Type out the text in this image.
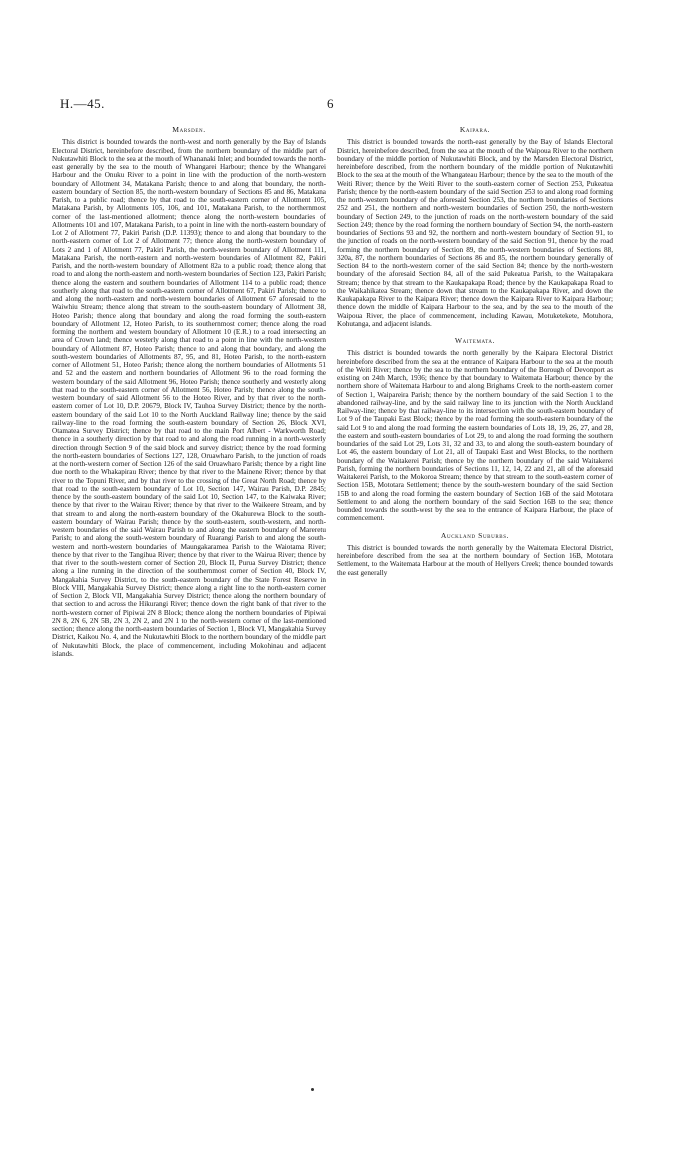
H.—45.	6
Marsden.

This district is bounded towards the north-west and north generally by the Bay of Islands Electoral District, hereinbefore described, from the northern boundary of the middle part of Nukutawhiti Block to the sea at the mouth of Whananaki Inlet; and bounded towards the north-east generally by the sea to the mouth of Whangarei Harbour; thence by the Whangarei Harbour and the Onuku River to a point in line with the production of the north-western boundary of Allotment 34, Matakana Parish; thence to and along that boundary, the north-eastern boundary of Section 85, the north-western boundary of Sections 85 and 86, Matakana Parish, to a public road; thence by that road to the south-eastern corner of Allotment 105, Matakana Parish, by Allotments 105, 106, and 101, Matakana Parish, to the northernmost corner of the last-mentioned allotment; thence along the north-western boundaries of Allotments 101 and 107, Matakana Parish, to a point in line with the north-eastern boundary of Lot 2 of Allotment 77, Pakiri Parish (D.P. 11393); thence to and along that boundary to the north-eastern corner of Lot 2 of Allotment 77; thence along the north-western boundary of Lots 2 and 1 of Allotment 77, Pakiri Parish, the north-western boundary of Allotment 111, Matakana Parish, the north-eastern and north-western boundaries of Allotment 82, Pakiri Parish, and the north-western boundary of Allotment 82a to a public road; thence along that road to and along the north-eastern and north-western boundaries of Section 123, Pakiri Parish; thence along the eastern and southern boundaries of Allotment 114 to a public road; thence southerly along that road to the south-eastern corner of Allotment 67, Pakiri Parish; thence to and along the north-eastern and north-western boundaries of Allotment 67 aforesaid to the Waiwhiu Stream; thence along that stream to the south-eastern boundary of Allotment 38, Hoteo Parish; thence along that boundary and along the road forming the south-eastern boundary of Allotment 12, Hoteo Parish, to its southernmost corner; thence along the road forming the northern and western boundary of Allotment 10 (E.R.) to a road intersecting an area of Crown land; thence westerly along that road to a point in line with the north-western boundary of Allotment 87, Hoteo Parish; thence to and along that boundary, and along the south-western boundaries of Allotments 87, 95, and 81, Hoteo Parish, to the north-eastern corner of Allotment 51, Hoteo Parish; thence along the northern boundaries of Allotments 51 and 52 and the eastern and northern boundaries of Allotment 96 to the road forming the western boundary of the said Allotment 96, Hoteo Parish; thence southerly and westerly along that road to the south-eastern corner of Allotment 56, Hoteo Parish; thence along the south-western boundary of said Allotment 56 to the Hoteo River, and by that river to the north-eastern corner of Lot 10, D.P. 20679, Block IV, Tauhoa Survey District; thence by the north-eastern boundary of the said Lot 10 to the North Auckland Railway line; thence by the said railway-line to the road forming the south-eastern boundary of Section 26, Block XVI, Otamatea Survey District; thence by that road to the main Port Albert - Warkworth Road; thence in a southerly direction by that road to and along the road running in a north-westerly direction through Section 9 of the said block and survey district; thence by the road forming the north-eastern boundaries of Sections 127, 128, Oruawharo Parish, to the junction of roads at the north-western corner of Section 126 of the said Oruawharo Parish; thence by a right line due north to the Whakapirau River; thence by that river to the Mainene River; thence by that river to the Topuni River, and by that river to the crossing of the Great North Road; thence by that road to the south-eastern boundary of Lot 10, Section 147, Wairau Parish, D.P. 2845; thence by the south-eastern boundary of the said Lot 10, Section 147, to the Kaiwaka River; thence by that river to the Wairau River; thence by that river to the Waikeere Stream, and by that stream to and along the north-eastern boundary of the Okahurewa Block to the south-eastern boundary of Wairau Parish; thence by the south-eastern, south-western, and north-western boundaries of the said Wairau Parish to and along the eastern boundary of Mareretu Parish; to and along the south-western boundary of Ruarangi Parish to and along the south-western and north-western boundaries of Maungakaramea Parish to the Waiotama River; thence by that river to the Tangihua River; thence by that river to the Wairua River; thence by that river to the south-western corner of Section 20, Block II, Purua Survey District; thence along a line running in the direction of the southernmost corner of Section 40, Block IV, Mangakahia Survey District, to the south-eastern boundary of the State Forest Reserve in Block VIII, Mangakahia Survey District; thence along a right line to the north-eastern corner of Section 2, Block VII, Mangakahia Survey District; thence along the northern boundary of that section to and across the Hikurangi River; thence down the right bank of that river to the north-western corner of Pipiwai 2N 8 Block; thence along the northern boundaries of Pipiwai 2N 8, 2N 6, 2N 5B, 2N 3, 2N 2, and 2N 1 to the north-western corner of the last-mentioned section; thence along the north-eastern boundaries of Section 1, Block VI, Mangakahia Survey District, Kaikou No. 4, and the Nukutawhiti Block to the northern boundary of the middle part of Nukutawhiti Block, the place of commencement, including Mokohinau and adjacent islands.

Kaipara.

This district is bounded towards the north-east generally by the Bay of Islands Electoral District, hereinbefore described, from the sea at the mouth of the Waipoua River to the northern boundary of the middle portion of Nukutawhiti Block, and by the Marsden Electoral District, hereinbefore described, from the northern boundary of the middle portion of Nukutawhiti Block to the sea at the mouth of the Whangateau Harbour; thence by the sea to the mouth of the Weiti River; thence by the Weiti River to the south-eastern corner of Section 253, Pukeatua Parish; thence by the north-eastern boundary of the said Section 253 to and along road forming the north-western boundary of the aforesaid Section 253, the northern boundaries of Sections 252 and 251, the northern and north-western boundaries of Section 250, the north-western boundary of Section 249, to the junction of roads on the north-western boundary of the said Section 249; thence by the road forming the northern boundary of Section 94, the north-eastern boundaries of Sections 93 and 92, the northern and north-western boundary of Section 91, to the junction of roads on the north-western boundary of the said Section 91, thence by the road forming the northern boundary of Section 89, the north-western boundaries of Sections 88, 320a, 87, the northern boundaries of Sections 86 and 85, the northern boundary generally of Section 84 to the north-western corner of the said Section 84; thence by the north-western boundary of the aforesaid Section 84, all of the said Pukeatua Parish, to the Waitapakara Stream; thence by that stream to the Kaukapakapa Road; thence by the Kaukapakapa Road to the Waikahikatea Stream; thence down that stream to the Kaukapakapa River, and down the Kaukapakapa River to the Kaipara River; thence down the Kaipara River to Kaipara Harbour; thence down the middle of Kaipara Harbour to the sea, and by the sea to the mouth of the Waipoua River, the place of commencement, including Kawau, Motuketekete, Motuhora, Kohutanga, and adjacent islands.

Waitemata.

This district is bounded towards the north generally by the Kaipara Electoral District hereinbefore described from the sea at the entrance of Kaipara Harbour to the sea at the mouth of the Weiti River; thence by the sea to the northern boundary of the Borough of Devonport as existing on 24th March, 1936; thence by that boundary to Waitemata Harbour; thence by the northern shore of Waitemata Harbour to and along Brighams Creek to the north-eastern corner of Section 1, Waipareira Parish; thence by the northern boundary of the said Section 1 to the abandoned railway-line, and by the said railway line to its junction with the North Auckland Railway-line; thence by that railway-line to its intersection with the south-eastern boundary of Lot 9 of the Taupaki East Block; thence by the road forming the south-eastern boundary of the said Lot 9 to and along the road forming the eastern boundaries of Lots 18, 19, 26, 27, and 28, the eastern and south-eastern boundaries of Lot 29, to and along the road forming the southern boundaries of the said Lot 29, Lots 31, 32 and 33, to and along the south-eastern boundary of Lot 46, the eastern boundary of Lot 21, all of Taupaki East and West Blocks, to the northern boundary of the Waitakerei Parish; thence by the northern boundary of the said Waitakerei Parish, forming the northern boundaries of Sections 11, 12, 14, 22 and 21, all of the aforesaid Waitakerei Parish, to the Mokoroa Stream; thence by that stream to the south-eastern corner of Section 15B, Mototara Settlement; thence by the south-western boundary of the said Section 15B to and along the road forming the eastern boundary of Section 16B of the said Mototara Settlement to and along the northern boundary of the said Section 16B to the sea; thence bounded towards the south-west by the sea to the entrance of Kaipara Harbour, the place of commencement.

Auckland Suburbs.

This district is bounded towards the north generally by the Waitemata Electoral District, hereinbefore described from the sea at the northern boundary of Section 16B, Mototara Settlement, to the Waitemata Harbour at the mouth of Hellyers Creek; thence bounded towards the east generally
